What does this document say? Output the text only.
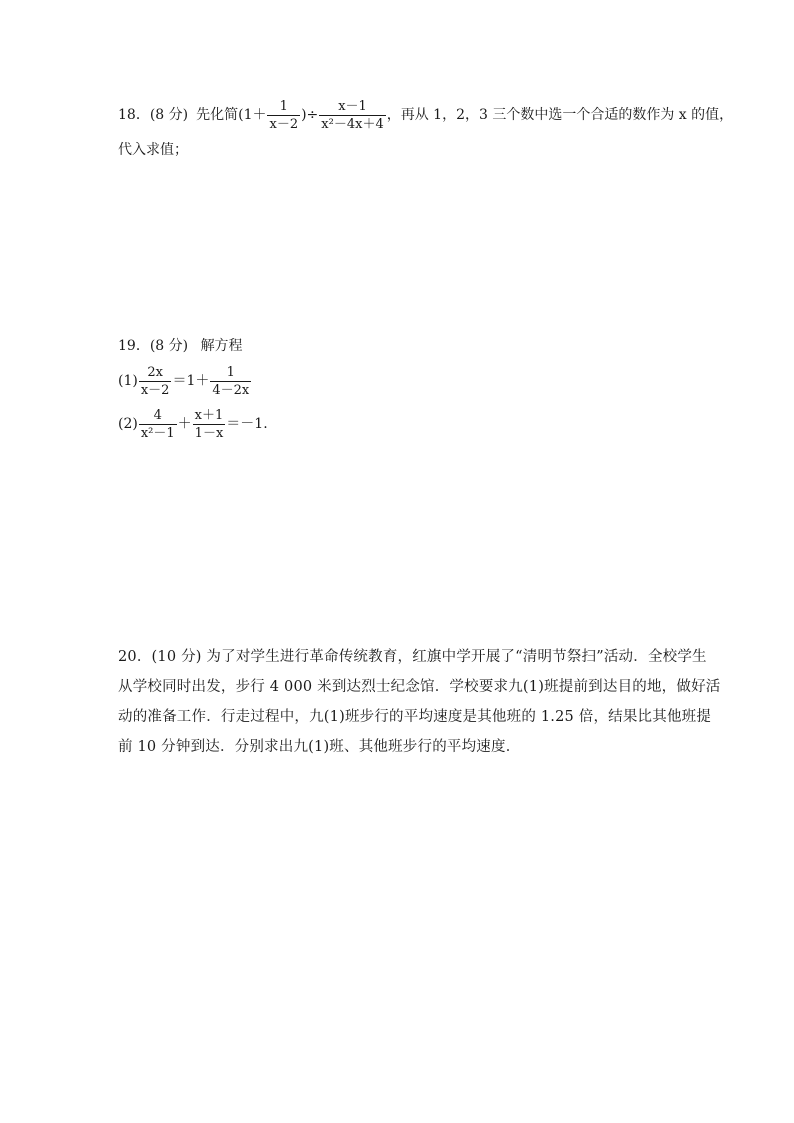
18．(8 分) 先化简($1+ \frac{1}{x-2}$ )÷ $\frac{x-1}{\text{x²－4x＋4}}$ ，再从 1，2，3 三个数中选一个合适的数作为 x 的值，
代入求值；
19．(8 分) 解方程
$(1) \frac{2x}{x-2} =1+ \frac{1}{4-2x}$
$(2) \frac{4}{\text{x²－1}} + \frac{x+1}{1-x} =-1$.
20．(10 分) 为了对学生进行革命传统教育，红旗中学开展了“清明节祭扫”活动．全校学生
从学校同时出发，步行 4 000 米到达烈士纪念馆．学校要求九(1)班提前到达目的地，做好活
动的准备工作．行走过程中，九(1)班步行的平均速度是其他班的 1.25 倍，结果比其他班提
前 10 分钟到达．分别求出九(1)班、其他班步行的平均速度．
